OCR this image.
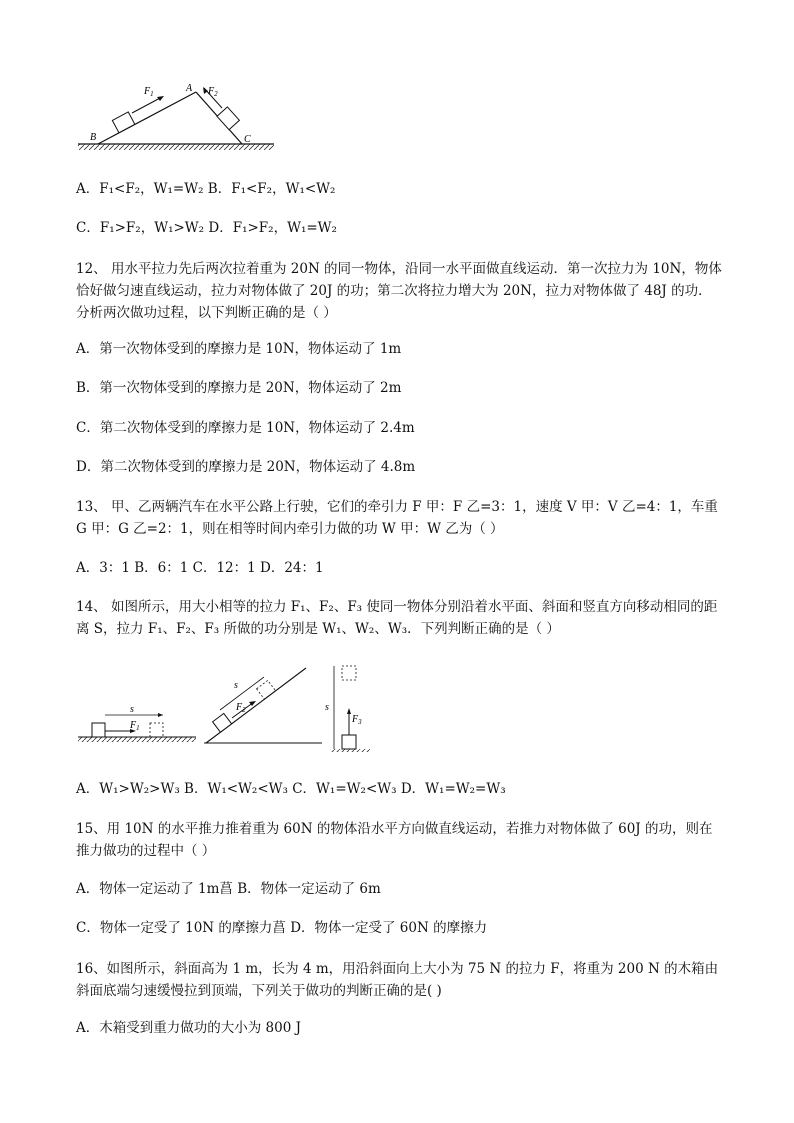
$F_1$	$F_2$
A
B	C
A．F₁<F₂，W₁=W₂ B．F₁<F₂，W₁<W₂
C．F₁>F₂，W₁>W₂ D．F₁>F₂，W₁=W₂
12、 用水平拉力先后两次拉着重为 20N 的同一物体，沿同一水平面做直线运动．第一次拉力为 10N，物体恰好做匀速直线运动，拉力对物体做了 20J 的功；第二次将拉力增大为 20N，拉力对物体做了 48J 的功．分析两次做功过程，以下判断正确的是（ ）
A．第一次物体受到的摩擦力是 10N，物体运动了 1m
B．第一次物体受到的摩擦力是 20N，物体运动了 2m
C．第二次物体受到的摩擦力是 10N，物体运动了 2.4m
D．第二次物体受到的摩擦力是 20N，物体运动了 4.8m
13、 甲、乙两辆汽车在水平公路上行驶，它们的牵引力 F 甲：F 乙=3：1，速度 V 甲：V 乙=4：1，车重 G 甲：G 乙=2：1，则在相等时间内牵引力做的功 W 甲：W 乙为（ ）
A．3：1 B．6：1 C．12：1 D．24：1
14、 如图所示，用大小相等的拉力 F₁、F₂、F₃ 使同一物体分别沿着水平面、斜面和竖直方向移动相同的距离 S，拉力 F₁、F₂、F₃ 所做的功分别是 W₁、W₂、W₃．下列判断正确的是（ ）
s
$F_1$
s
$F_2$	s
$F_3$
A．W₁>W₂>W₃ B．W₁<W₂<W₃ C．W₁=W₂<W₃ D．W₁=W₂=W₃
15、用 10N 的水平推力推着重为 60N 的物体沿水平方向做直线运动，若推力对物体做了 60J 的功，则在推力做功的过程中（ ）
A．物体一定运动了 1m菖 B．物体一定运动了 6m
C．物体一定受了 10N 的摩擦力菖 D．物体一定受了 60N 的摩擦力
16、如图所示，斜面高为 1 m，长为 4 m，用沿斜面向上大小为 75 N 的拉力 F，将重为 200 N 的木箱由斜面底端匀速缓慢拉到顶端，下列关于做功的判断正确的是( )
A．木箱受到重力做功的大小为 800 J
